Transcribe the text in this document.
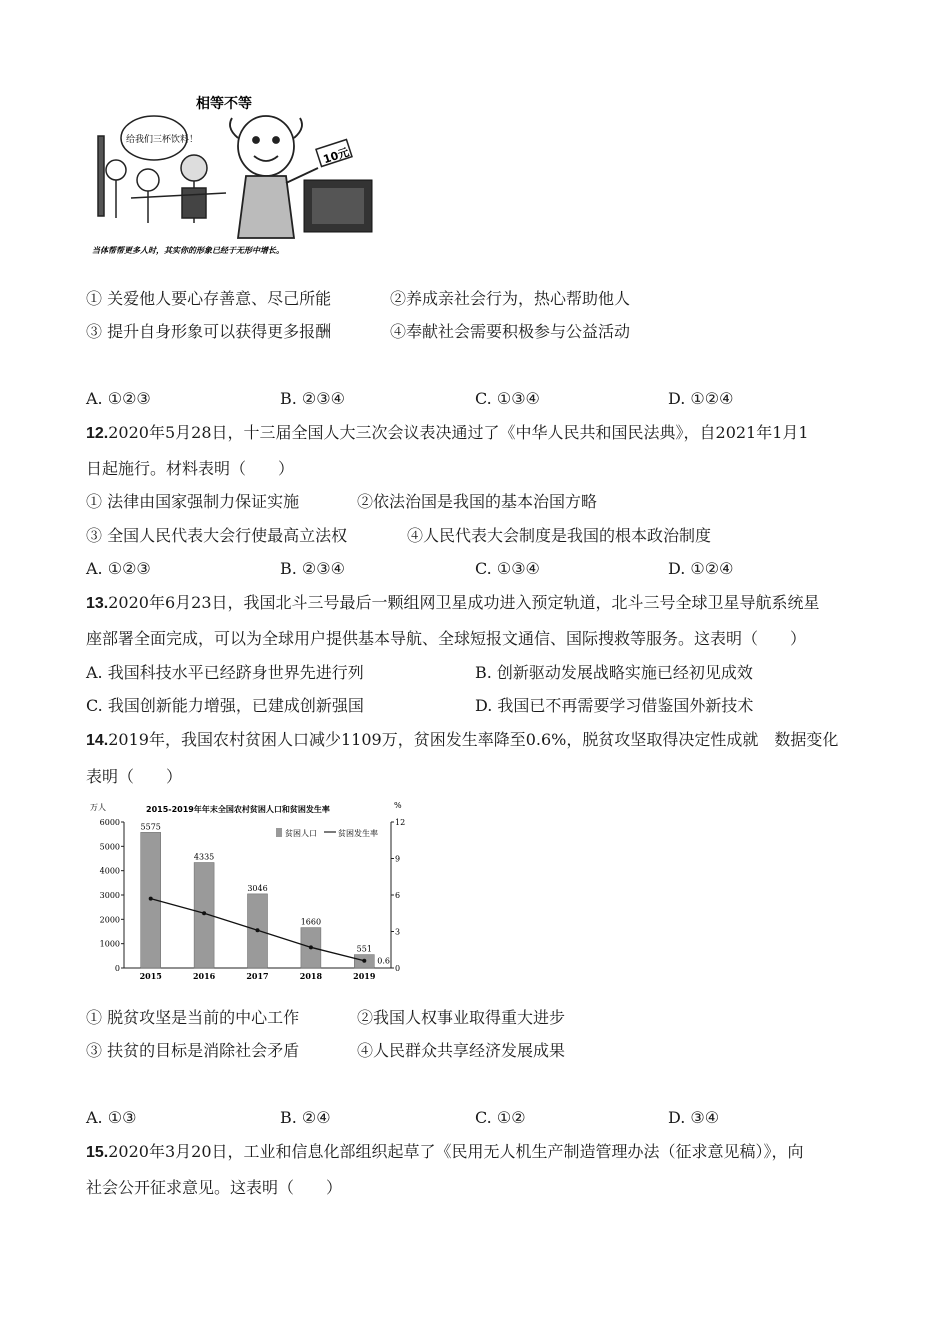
相等不等
给我们三杯饮料！
10元
当体帮帮更多人时，其实你的形象已经于无形中增长。
① 关爱他人要心存善意、尽己所能	②养成亲社会行为，热心帮助他人
③ 提升自身形象可以获得更多报酬	④奉献社会需要积极参与公益活动
A. ①②③	B. ②③④	C. ①③④	D. ①②④
12.2020年5月28日，十三届全国人大三次会议表决通过了《中华人民共和国民法典》，自2021年1月1
日起施行。材料表明（　　）
① 法律由国家强制力保证实施	②依法治国是我国的基本治国方略
③ 全国人民代表大会行使最高立法权	④人民代表大会制度是我国的根本政治制度
A. ①②③	B. ②③④	C. ①③④	D. ①②④
13.2020年6月23日，我国北斗三号最后一颗组网卫星成功进入预定轨道，北斗三号全球卫星导航系统星
座部署全面完成，可以为全球用户提供基本导航、全球短报文通信、国际搜救等服务。这表明（　　）
A. 我国科技水平已经跻身世界先进行列	B. 创新驱动发展战略实施已经初见成效
C. 我国创新能力增强，已建成创新强国	D. 我国已不再需要学习借鉴国外新技术
14.2019年，我国农村贫困人口减少1109万，贫困发生率降至0.6%，脱贫攻坚取得决定性成就　数据变化
表明（　　）
万人	%
2015-2019年年末全国农村贫困人口和贫困发生率
贫困人口	贫困发生率
0
1000
2000
3000
4000
5000
6000
0
3
6
9
12
5575
2015
4335
2016
3046
2017
1660
2018
551
2019
0.6
① 脱贫攻坚是当前的中心工作	②我国人权事业取得重大进步
③ 扶贫的目标是消除社会矛盾	④人民群众共享经济发展成果
A. ①③	B. ②④	C. ①②	D. ③④
15.2020年3月20日，工业和信息化部组织起草了《民用无人机生产制造管理办法（征求意见稿）》，向
社会公开征求意见。这表明（　　）
